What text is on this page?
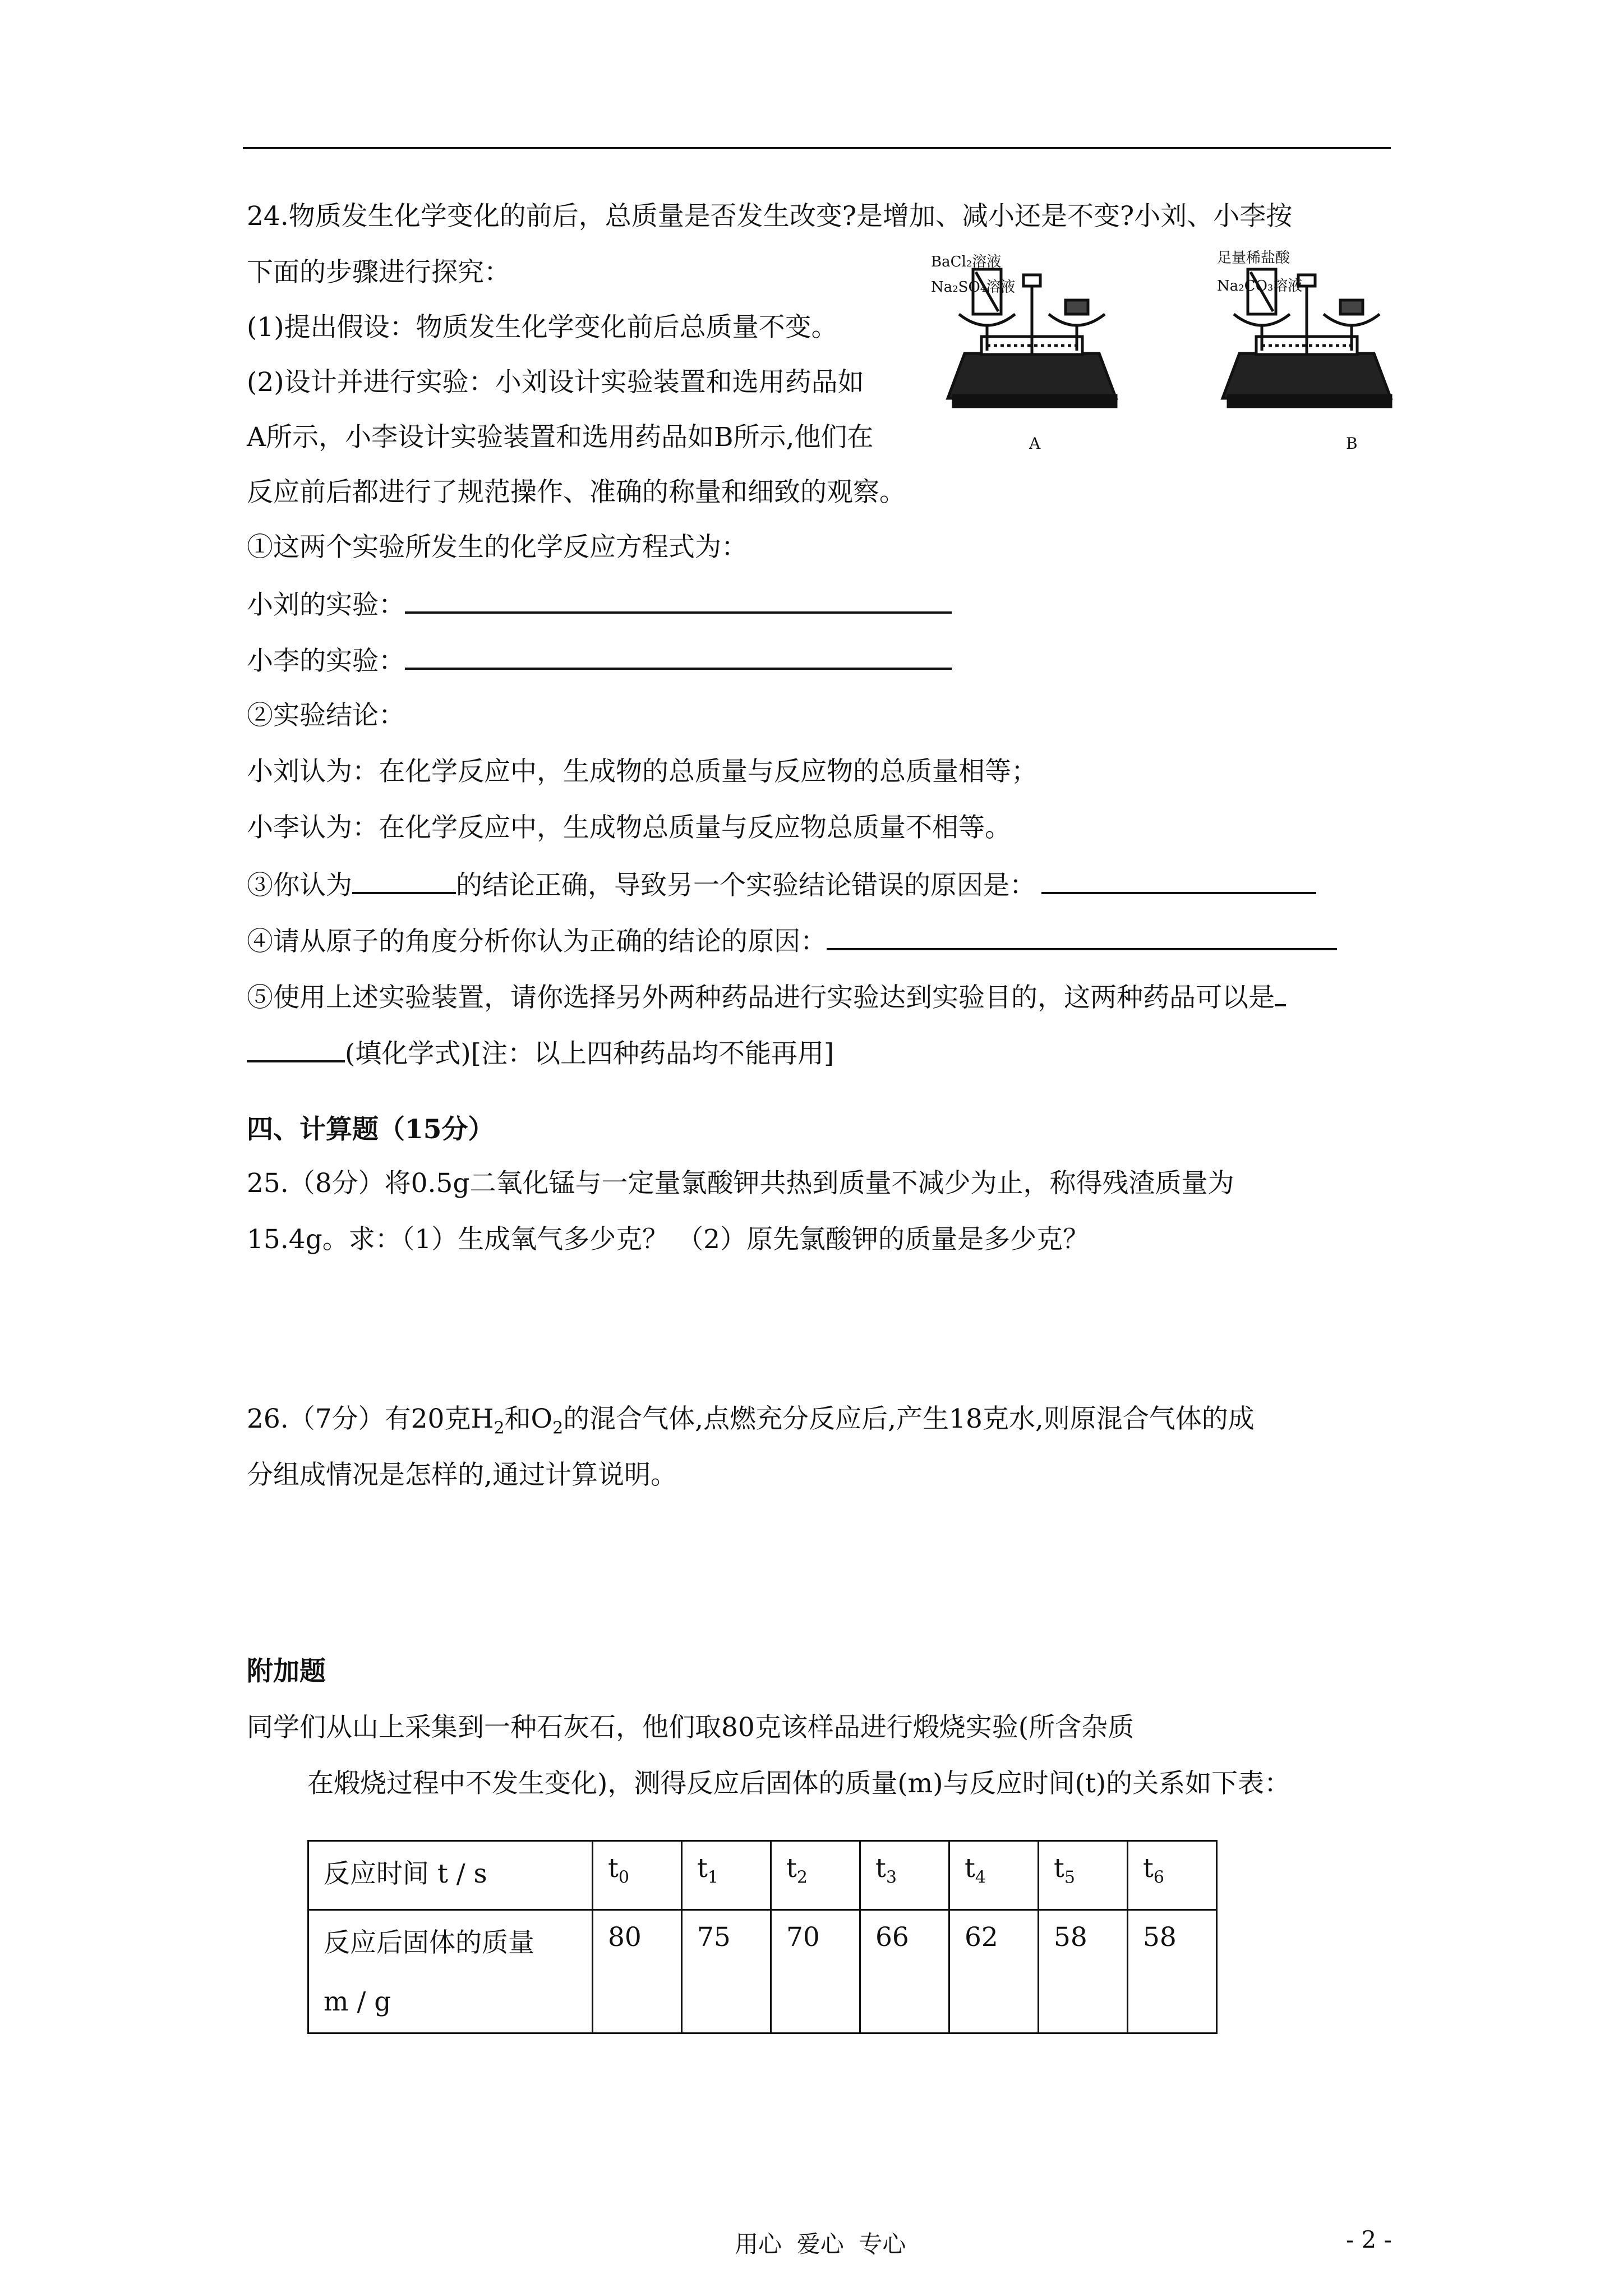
24.物质发生化学变化的前后，总质量是否发生改变?是增加、减小还是不变?小刘、小李按
下面的步骤进行探究：
(1)提出假设：物质发生化学变化前后总质量不变。
(2)设计并进行实验：小刘设计实验装置和选用药品如
A所示，小李设计实验装置和选用药品如B所示,他们在
反应前后都进行了规范操作、准确的称量和细致的观察。
BaCl₂溶液
Na₂SO₄溶液
A
足量稀盐酸
Na₂CO₃溶液
B
①这两个实验所发生的化学反应方程式为：
小刘的实验：
小李的实验：
②实验结论：
小刘认为：在化学反应中，生成物的总质量与反应物的总质量相等；
小李认为：在化学反应中，生成物总质量与反应物总质量不相等。
③你认为	的结论正确，导致另一个实验结论错误的原因是：
④请从原子的角度分析你认为正确的结论的原因：
⑤使用上述实验装置，请你选择另外两种药品进行实验达到实验目的，这两种药品可以是
(填化学式)[注：以上四种药品均不能再用]
四、计算题（15分）
25.（8分）将0.5g二氧化锰与一定量氯酸钾共热到质量不减少为止，称得残渣质量为
15.4g。求：（1）生成氧气多少克？ （2）原先氯酸钾的质量是多少克？
26.（7分）有20克$H_2$和$O_2$的混合气体,点燃充分反应后,产生18克水,则原混合气体的成
分组成情况是怎样的,通过计算说明。
附加题
同学们从山上采集到一种石灰石，他们取80克该样品进行煅烧实验(所含杂质
在煅烧过程中不发生变化)，测得反应后固体的质量(m)与反应时间(t)的关系如下表：
反应时间 t / s	$t_0$	$t_1$	$t_2$	$t_3$	$t_4$	$t_5$	$t_6$

反应后固体的质量
m / g	80	75	70	66	62	58	58
用心  爱心  专心	- 2 -
